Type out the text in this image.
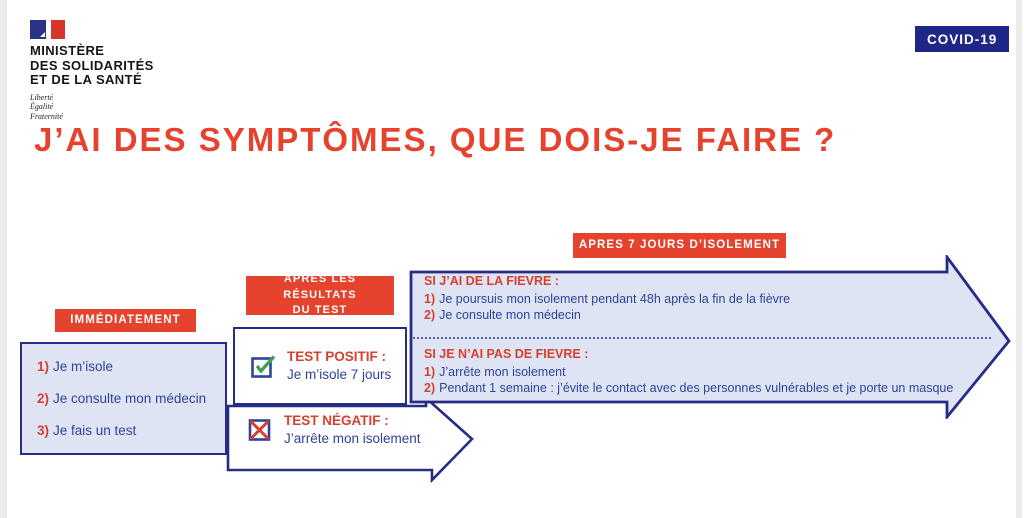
MINISTÈRE
DES SOLIDARITÉS
ET DE LA SANTÉ
Liberté
Égalité
Fraternité
COVID-19
J’AI DES SYMPTÔMES, QUE DOIS-JE FAIRE ?
IMMÉDIATEMENT
1) Je m’isole
2) Je consulte mon médecin
3) Je fais un test
APRES LES RÉSULTATS
DU TEST
TEST POSITIF :
Je m’isole 7 jours
TEST NÉGATIF :
J’arrête mon isolement
APRES 7 JOURS D’ISOLEMENT
SI J’AI DE LA FIEVRE :
1) Je poursuis mon isolement pendant 48h après la fin de la fièvre
2) Je consulte mon médecin
SI JE N’AI PAS DE FIEVRE :
1) J’arrête mon isolement
2) Pendant 1 semaine : j’évite le contact avec des personnes vulnérables et je porte un masque
